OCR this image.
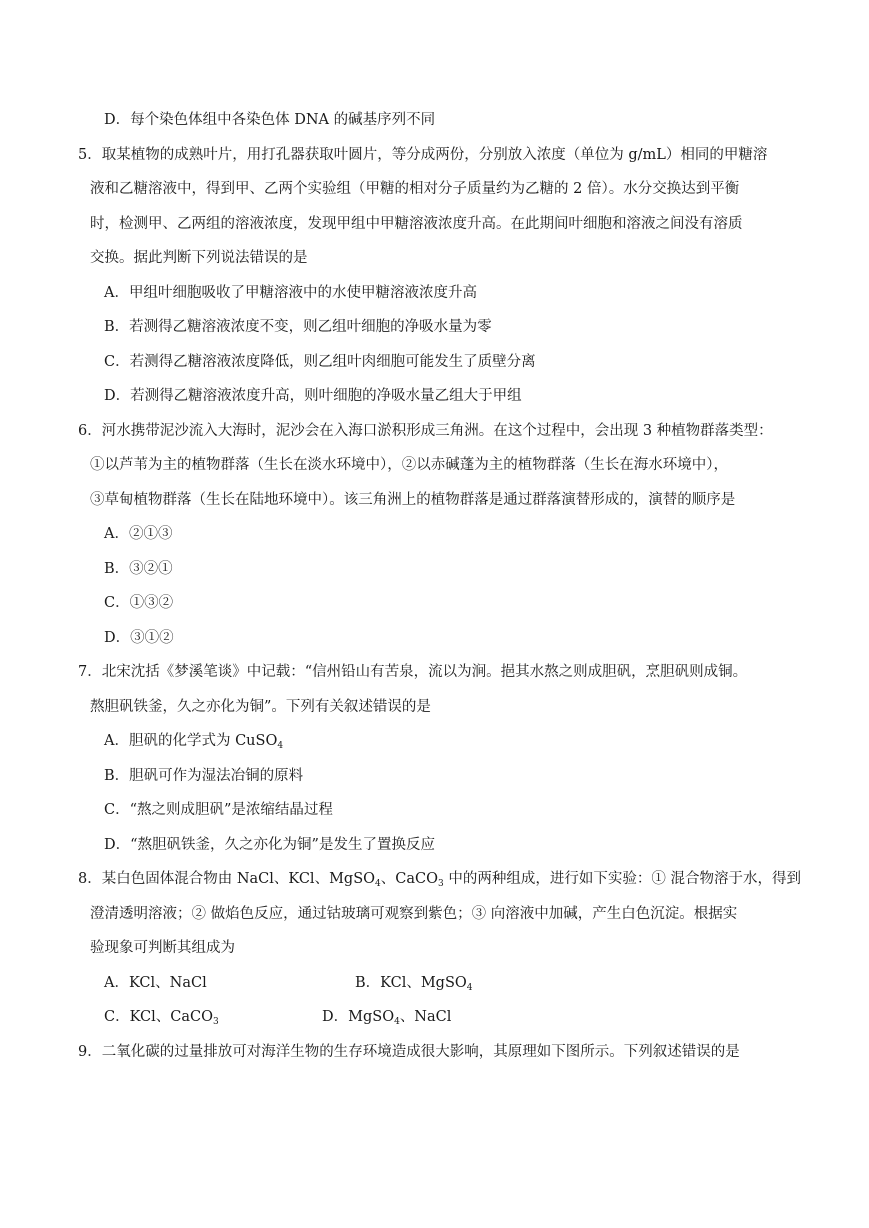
D．每个染色体组中各染色体 DNA 的碱基序列不同
5．取某植物的成熟叶片，用打孔器获取叶圆片，等分成两份，分别放入浓度（单位为 g/mL）相同的甲糖溶
液和乙糖溶液中，得到甲、乙两个实验组（甲糖的相对分子质量约为乙糖的 2 倍）。水分交换达到平衡
时，检测甲、乙两组的溶液浓度，发现甲组中甲糖溶液浓度升高。在此期间叶细胞和溶液之间没有溶质
交换。据此判断下列说法错误的是
A．甲组叶细胞吸收了甲糖溶液中的水使甲糖溶液浓度升高
B．若测得乙糖溶液浓度不变，则乙组叶细胞的净吸水量为零
C．若测得乙糖溶液浓度降低，则乙组叶肉细胞可能发生了质壁分离
D．若测得乙糖溶液浓度升高，则叶细胞的净吸水量乙组大于甲组
6．河水携带泥沙流入大海时，泥沙会在入海口淤积形成三角洲。在这个过程中，会出现 3 种植物群落类型：
①以芦苇为主的植物群落（生长在淡水环境中），②以赤碱蓬为主的植物群落（生长在海水环境中），
③草甸植物群落（生长在陆地环境中）。该三角洲上的植物群落是通过群落演替形成的，演替的顺序是
A．②①③
B．③②①
C．①③②
D．③①②
7．北宋沈括《梦溪笔谈》中记载：“信州铅山有苦泉，流以为涧。挹其水熬之则成胆矾，烹胆矾则成铜。
熬胆矾铁釜，久之亦化为铜”。下列有关叙述错误的是
A．胆矾的化学式为 CuSO$_4$
B．胆矾可作为湿法冶铜的原料
C．“熬之则成胆矾”是浓缩结晶过程
D．“熬胆矾铁釜，久之亦化为铜”是发生了置换反应
8．某白色固体混合物由 NaCl、KCl、MgSO$_4$、CaCO$_3$ 中的两种组成，进行如下实验：① 混合物溶于水，得到
澄清透明溶液；② 做焰色反应，通过钴玻璃可观察到紫色；③ 向溶液中加碱，产生白色沉淀。根据实
验现象可判断其组成为
A．KCl、NaCl	B．KCl、MgSO$_4$
C．KCl、CaCO$_3$	D．MgSO$_4$、NaCl
9．二氧化碳的过量排放可对海洋生物的生存环境造成很大影响，其原理如下图所示。下列叙述错误的是
